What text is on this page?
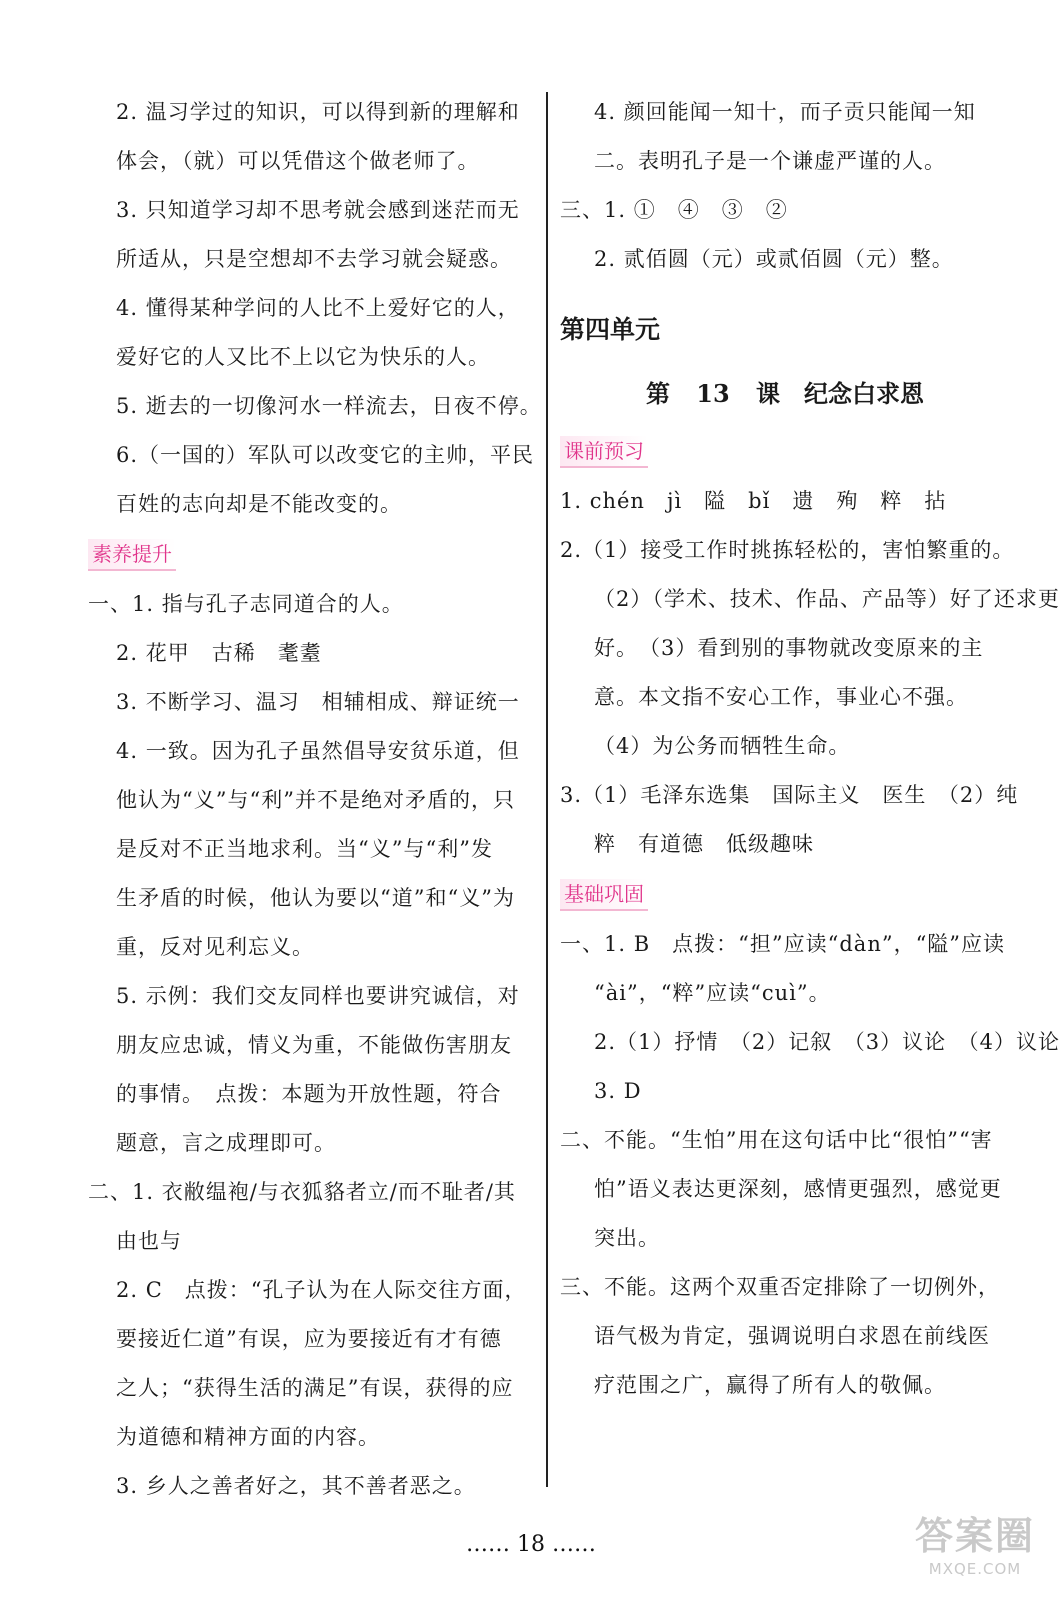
2. 温习学过的知识，可以得到新的理解和
体会，（就）可以凭借这个做老师了。
3. 只知道学习却不思考就会感到迷茫而无
所适从，只是空想却不去学习就会疑惑。
4. 懂得某种学问的人比不上爱好它的人，
爱好它的人又比不上以它为快乐的人。
5. 逝去的一切像河水一样流去，日夜不停。
6.（一国的）军队可以改变它的主帅，平民
百姓的志向却是不能改变的。
素养提升
一、1. 指与孔子志同道合的人。
2. 花甲　古稀　耄耋
3. 不断学习、温习　相辅相成、辩证统一
4. 一致。因为孔子虽然倡导安贫乐道，但
他认为“义”与“利”并不是绝对矛盾的，只
是反对不正当地求利。当“义”与“利”发
生矛盾的时候，他认为要以“道”和“义”为
重，反对见利忘义。
5. 示例：我们交友同样也要讲究诚信，对
朋友应忠诚，情义为重，不能做伤害朋友
的事情。　点拨：本题为开放性题，符合
题意，言之成理即可。
二、1. 衣敝缊袍/与衣狐貉者立/而不耻者/其
由也与
2. C　点拨：“孔子认为在人际交往方面，
要接近仁道”有误，应为要接近有才有德
之人；“获得生活的满足”有误，获得的应
为道德和精神方面的内容。
3. 乡人之善者好之，其不善者恶之。
4. 颜回能闻一知十，而子贡只能闻一知
二。表明孔子是一个谦虚严谨的人。
三、1. ①　④　③　②
2. 贰佰圆（元）或贰佰圆（元）整。
第四单元
第 13 课　纪念白求恩
课前预习
1. chén　jì　隘　bǐ　遗　殉　粹　拈
2.（1）接受工作时挑拣轻松的，害怕繁重的。
（2）（学术、技术、作品、产品等）好了还求更
好。　（3）看到别的事物就改变原来的主
意。本文指不安心工作，事业心不强。
（4）为公务而牺牲生命。
3.（1）毛泽东选集　国际主义　医生　（2）纯
粹　有道德　低级趣味
基础巩固
一、1. B　点拨：“担”应读“dàn”，“隘”应读
“ài”，“粹”应读“cuì”。
2.（1）抒情　（2）记叙　（3）议论　（4）议论
3. D
二、不能。“生怕”用在这句话中比“很怕”“害
怕”语义表达更深刻，感情更强烈，感觉更
突出。
三、不能。这两个双重否定排除了一切例外，
语气极为肯定，强调说明白求恩在前线医
疗范围之广，赢得了所有人的敬佩。
…… 18 ……	答案圈
MXQE.COM
